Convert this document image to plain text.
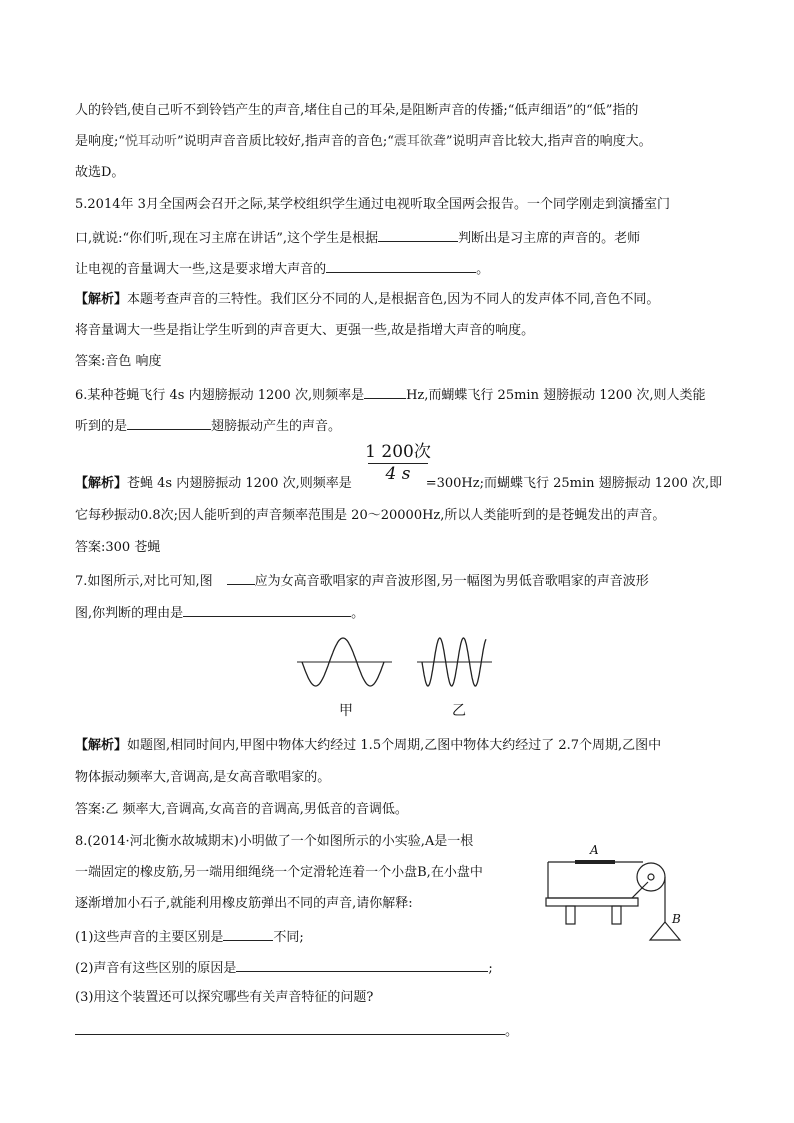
人的铃铛,使自己听不到铃铛产生的声音,堵住自己的耳朵,是阻断声音的传播;“低声细语”的“低”指的
是响度;“悦耳动听”说明声音音质比较好,指声音的音色;“震耳欲聋”说明声音比较大,指声音的响度大。
故选D。
5.2014年 3月全国两会召开之际,某学校组织学生通过电视听取全国两会报告。一个同学刚走到演播室门
口,就说:“你们听,现在习主席在讲话”,这个学生是根据	判断出是习主席的声音的。老师
让电视的音量调大一些,这是要求增大声音的	。
【解析】本题考查声音的三特性。我们区分不同的人,是根据音色,因为不同人的发声体不同,音色不同。
将音量调大一些是指让学生听到的声音更大、更强一些,故是指增大声音的响度。
答案:音色 响度
6.某种苍蝇飞行 4s 内翅膀振动 1200 次,则频率是	Hz,而蝴蝶飞行 25min 翅膀振动 1200 次,则人类能
听到的是	翅膀振动产生的声音。
1 200次
4 s
【解析】苍蝇 4s 内翅膀振动 1200 次,则频率是	=300Hz;而蝴蝶飞行 25min 翅膀振动 1200 次,即
它每秒振动0.8次;因人能听到的声音频率范围是 20～20000Hz,所以人类能听到的是苍蝇发出的声音。
答案:300 苍蝇
7.如图所示,对比可知,图	应为女高音歌唱家的声音波形图,另一幅图为男低音歌唱家的声音波形
图,你判断的理由是	。
甲	乙
【解析】如题图,相同时间内,甲图中物体大约经过 1.5个周期,乙图中物体大约经过了 2.7个周期,乙图中
物体振动频率大,音调高,是女高音歌唱家的。
答案:乙 频率大,音调高,女高音的音调高,男低音的音调低。
8.(2014·河北衡水故城期末)小明做了一个如图所示的小实验,A是一根
一端固定的橡皮筋,另一端用细绳绕一个定滑轮连着一个小盘B,在小盘中
逐渐增加小石子,就能利用橡皮筋弹出不同的声音,请你解释:
(1)这些声音的主要区别是	不同;
(2)声音有这些区别的原因是	;
(3)用这个装置还可以探究哪些有关声音特征的问题?
。
A
B
